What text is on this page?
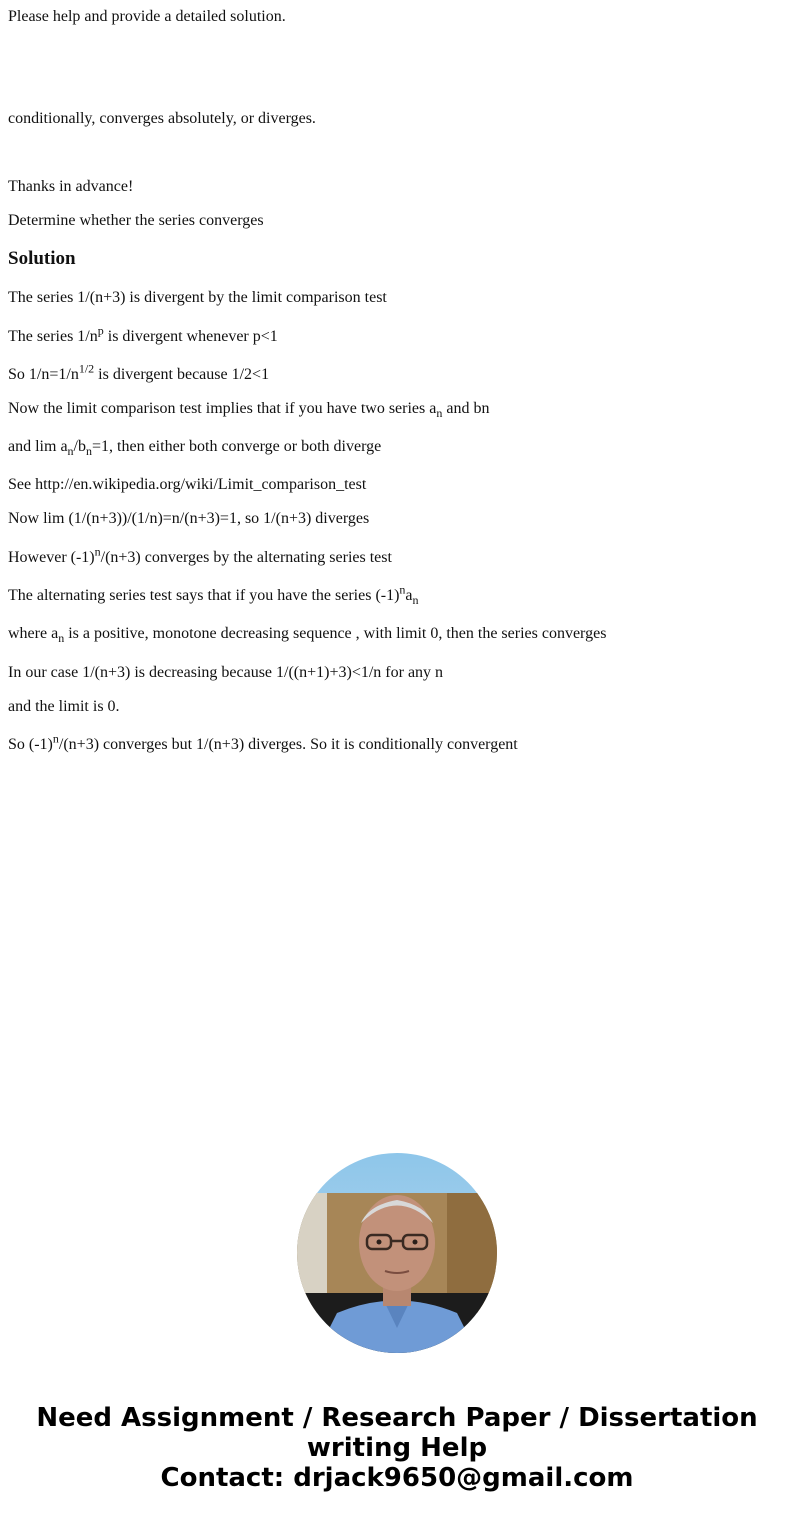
Please help and provide a detailed solution.
conditionally, converges absolutely, or diverges.
Thanks in advance!
Determine whether the series converges
Solution
The series 1/(n+3) is divergent by the limit comparison test
The series $1/n^p$ is divergent whenever p<1
So $1/n=1/n^{1/2}$ is divergent because 1/2<1
Now the limit comparison test implies that if you have two series $a_n$ and bn
and $\lim a_n/b_n=1$, then either both converge or both diverge
See http://en.wikipedia.org/wiki/Limit_comparison_test
Now lim (1/(n+3))/(1/n)=n/(n+3)=1, so 1/(n+3) diverges
However $(-1)^n/(n+3)$ converges by the alternating series test
The alternating series test says that if you have the series $(-1)^na_n$
where $a_n$ is a positive, monotone decreasing sequence , with limit 0, then the series converges
In our case 1/(n+3) is decreasing because 1/((n+1)+3)<1/n for any n
and the limit is 0.
So $(-1)^n/(n+3)$ converges but 1/(n+3) diverges. So it is conditionally convergent
Need Assignment / Research Paper / Dissertation
writing Help
Contact: drjack9650@gmail.com
